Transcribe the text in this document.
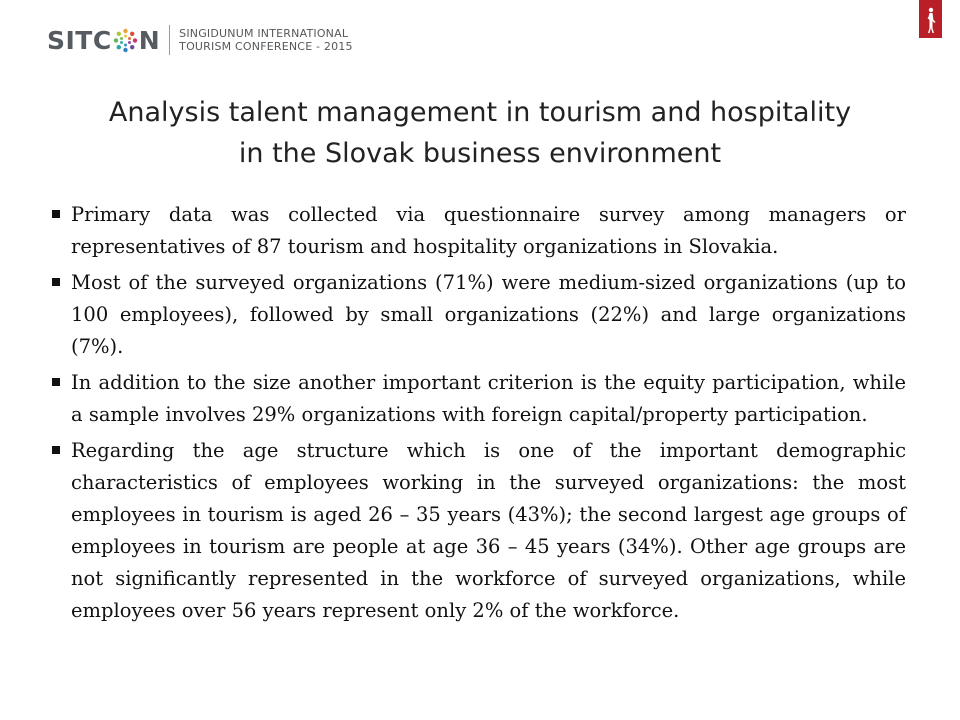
SITC N SINGIDUNUM INTERNATIONAL
TOURISM CONFERENCE - 2015
Analysis talent management in tourism and hospitality
in the Slovak business environment
Primary data was collected via questionnaire survey among managers or representatives of 87 tourism and hospitality organizations in Slovakia.
Most of the surveyed organizations (71%) were medium-sized organizations (up to 100 employees), followed by small organizations (22%) and large organizations (7%).
In addition to the size another important criterion is the equity participation, while a sample involves 29% organizations with foreign capital/property participation.
Regarding the age structure which is one of the important demographic characteristics of employees working in the surveyed organizations: the most employees in tourism is aged 26 – 35 years (43%); the second largest age groups of employees in tourism are people at age 36 – 45 years (34%). Other age groups are not significantly represented in the workforce of surveyed organizations, while employees over 56 years represent only 2% of the workforce.
